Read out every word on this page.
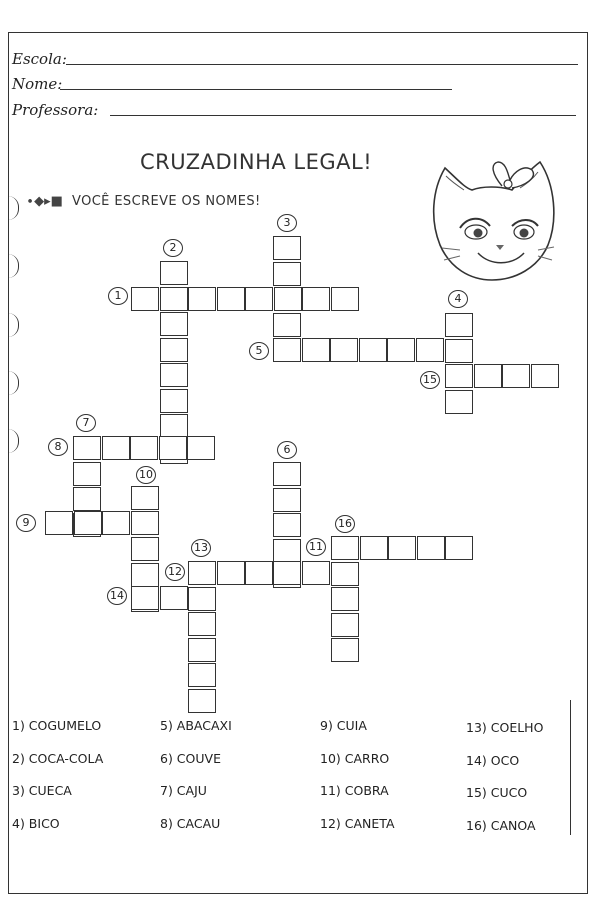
Escola:
Nome:
Professora:
CRUZADINHA LEGAL!
∙◆▸■ VOCÊ ESCREVE OS NOMES!
1
2
3
4
5
6
7
8
9
10
11
12
13
14
15
16
1) COGUMELO
2) COCA-COLA
3) CUECA
4) BICO
5) ABACAXI
6) COUVE
7) CAJU
8) CACAU
9) CUIA
10) CARRO
11) COBRA
12) CANETA
13) COELHO
14) OCO
15) CUCO
16) CANOA
